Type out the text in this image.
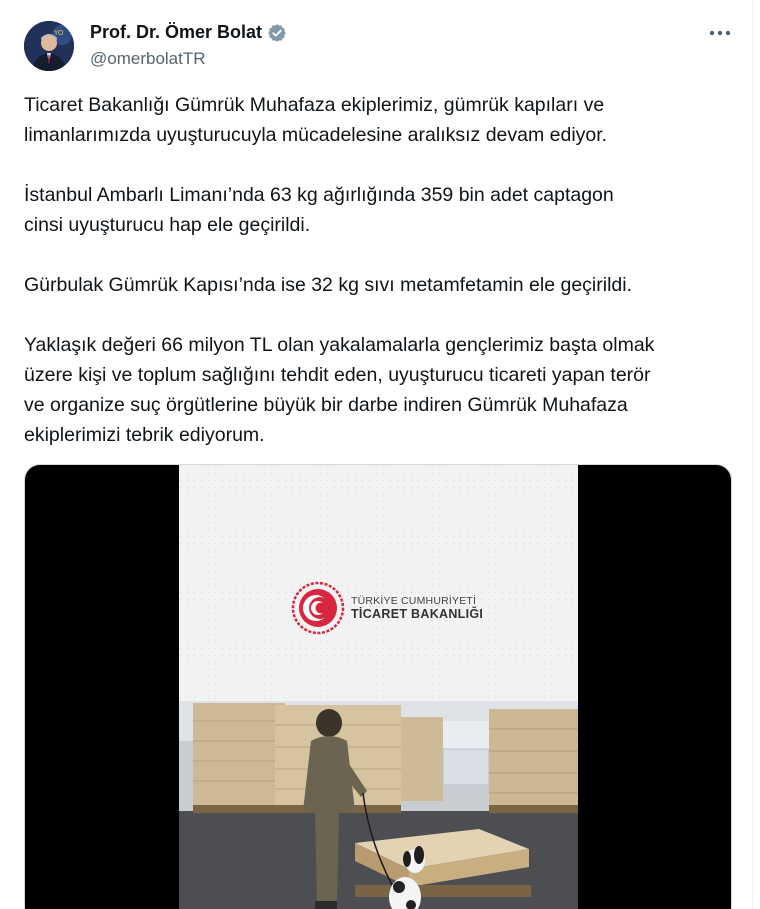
YO Prof. Dr. Ömer Bolat
@omerbolatTR

Ticaret Bakanlığı Gümrük Muhafaza ekiplerimiz, gümrük kapıları ve
limanlarımızda uyuşturucuyla mücadelesine aralıksız devam ediyor.

İstanbul Ambarlı Limanı’nda 63 kg ağırlığında 359 bin adet captagon
cinsi uyuşturucu hap ele geçirildi.

Gürbulak Gümrük Kapısı’nda ise 32 kg sıvı metamfetamin ele geçirildi.

Yaklaşık değeri 66 milyon TL olan yakalamalarla gençlerimiz başta olmak
üzere kişi ve toplum sağlığını tehdit eden, uyuşturucu ticareti yapan terör
ve organize suç örgütlerine büyük bir darbe indiren Gümrük Muhafaza
ekiplerimizi tebrik ediyorum.

TÜRKİYE CUMHURİYETİ
TİCARET BAKANLIĞI
